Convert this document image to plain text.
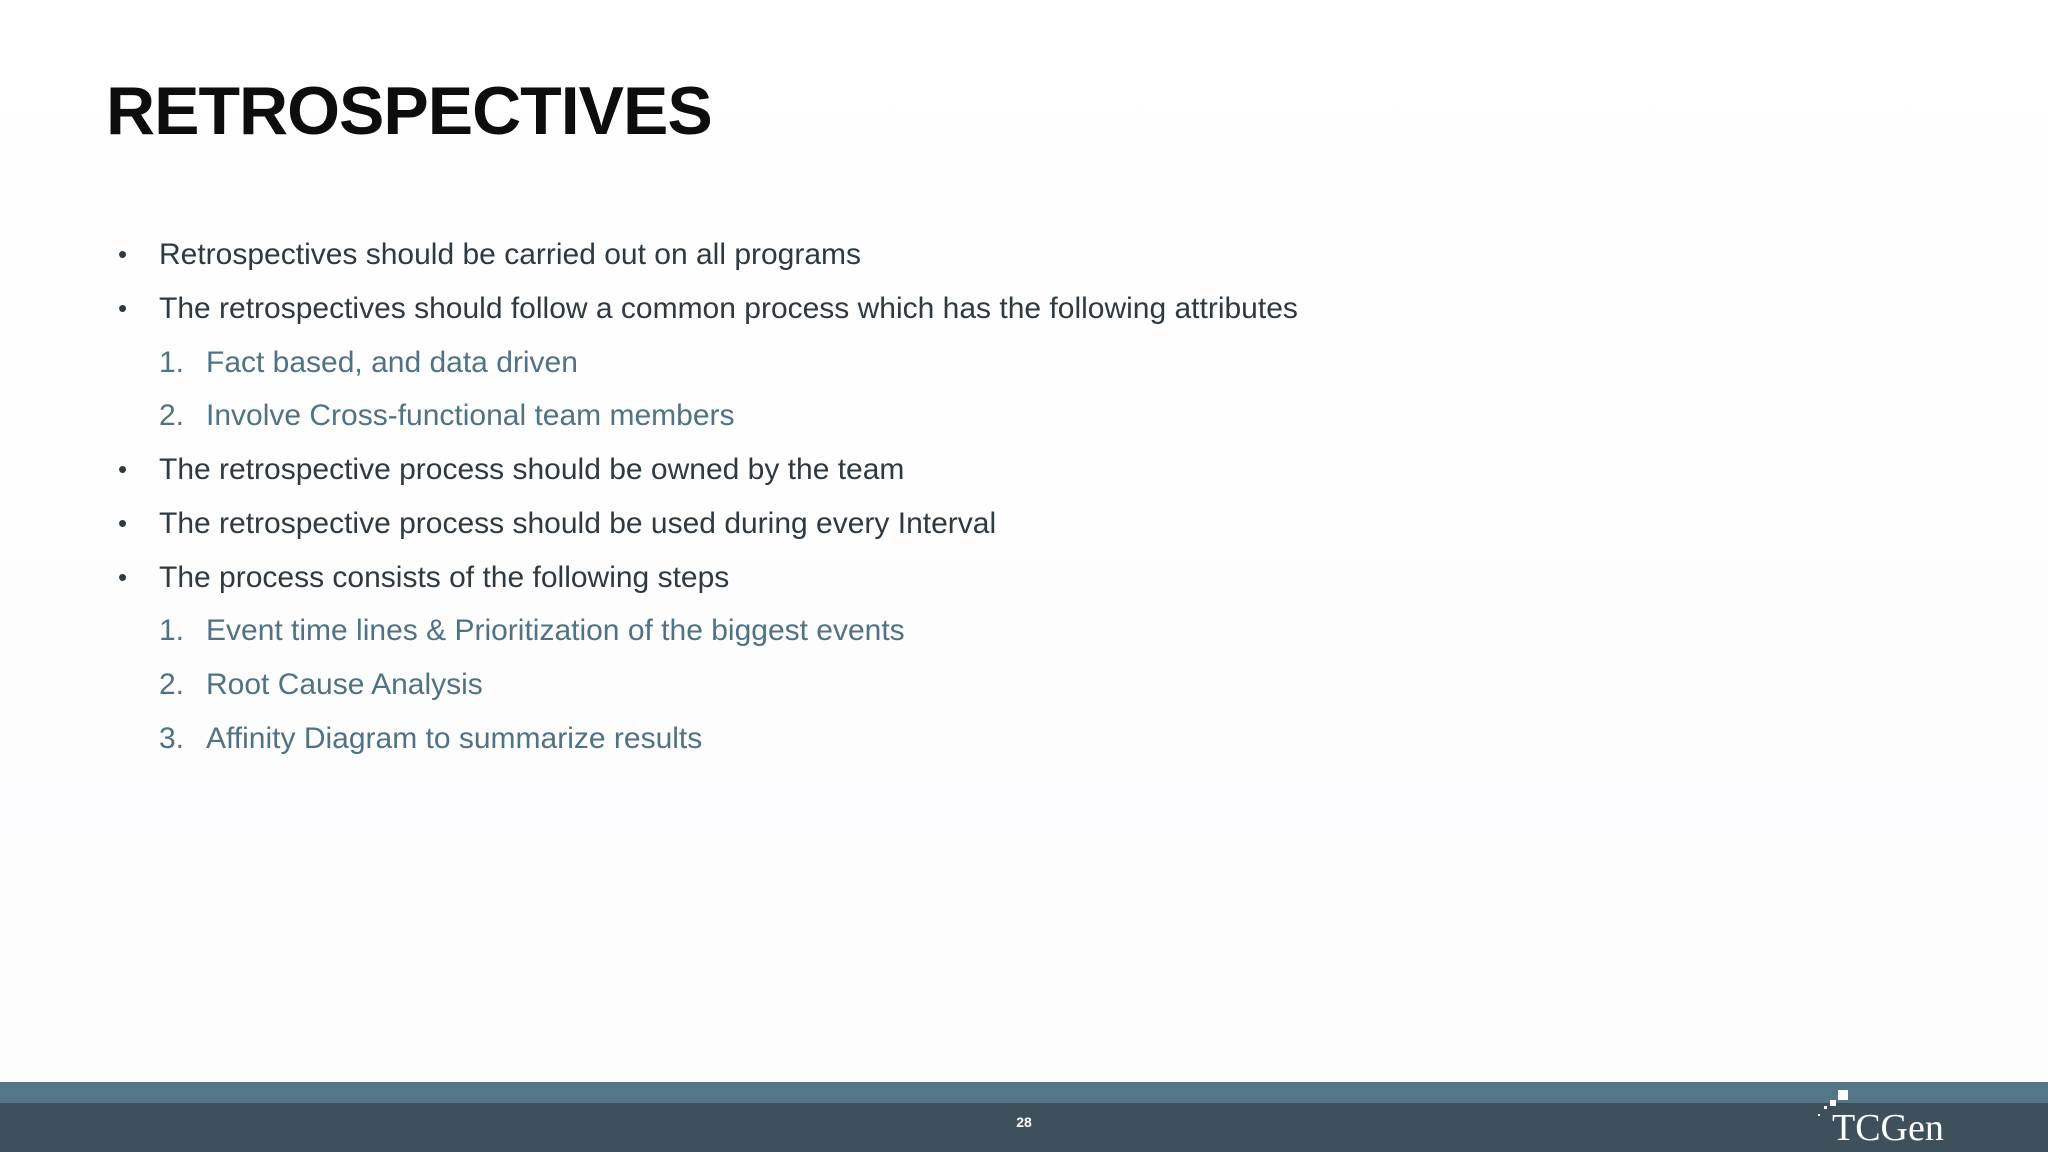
RETROSPECTIVES
•	Retrospectives should be carried out on all programs
•	The retrospectives should follow a common process which has the following attributes
1. Fact based, and data driven
2. Involve Cross-functional team members
•	The retrospective process should be owned by the team
•	The retrospective process should be used during every Interval
•	The process consists of the following steps
1. Event time lines & Prioritization of the biggest events
2. Root Cause Analysis
3. Affinity Diagram to summarize results
28	TCGen
